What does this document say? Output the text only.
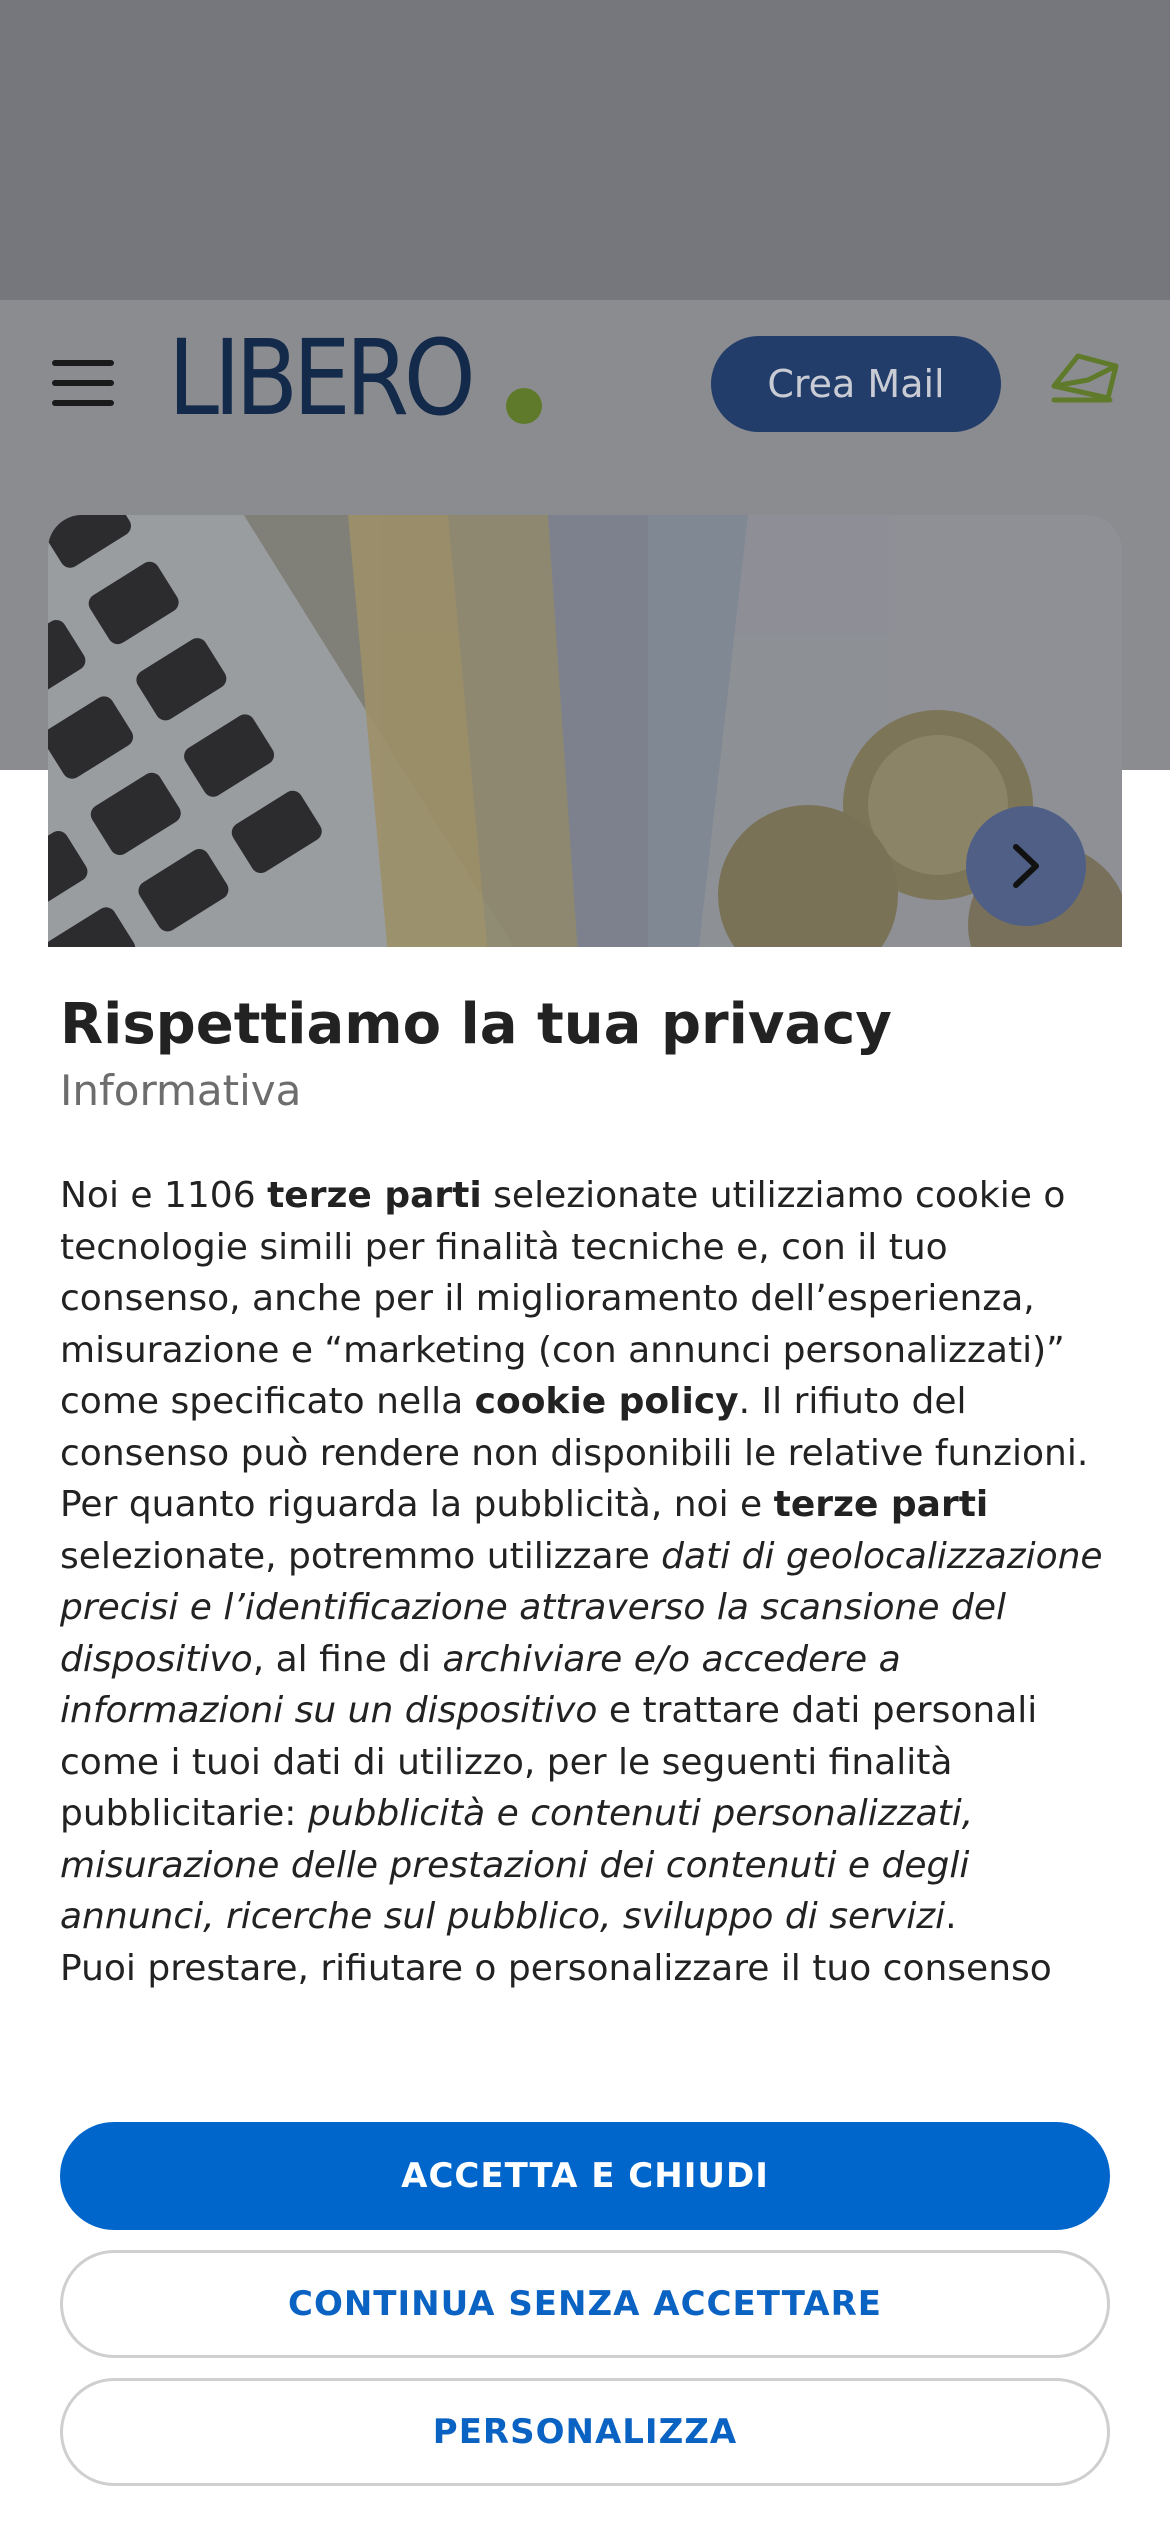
LIBERO	Crea Mail
Rispettiamo la tua privacy
Informativa

Noi e 1106 terze parti selezionate utilizziamo cookie o tecnologie simili per finalità tecniche e, con il tuo consenso, anche per il miglioramento dell’esperienza, misurazione e “marketing (con annunci personalizzati)” come specificato nella cookie policy. Il rifiuto del consenso può rendere non disponibili le relative funzioni.

Per quanto riguarda la pubblicità, noi e terze parti selezionate, potremmo utilizzare dati di geolocalizzazione precisi e l’identificazione attraverso la scansione del dispositivo, al fine di archiviare e/o accedere a informazioni su un dispositivo e trattare dati personali come i tuoi dati di utilizzo, per le seguenti finalità pubblicitarie: pubblicità e contenuti personalizzati, misurazione delle prestazioni dei contenuti e degli annunci, ricerche sul pubblico, sviluppo di servizi.

Puoi prestare, rifiutare o personalizzare il tuo consenso

ACCETTA E CHIUDI
CONTINUA SENZA ACCETTARE
PERSONALIZZA
